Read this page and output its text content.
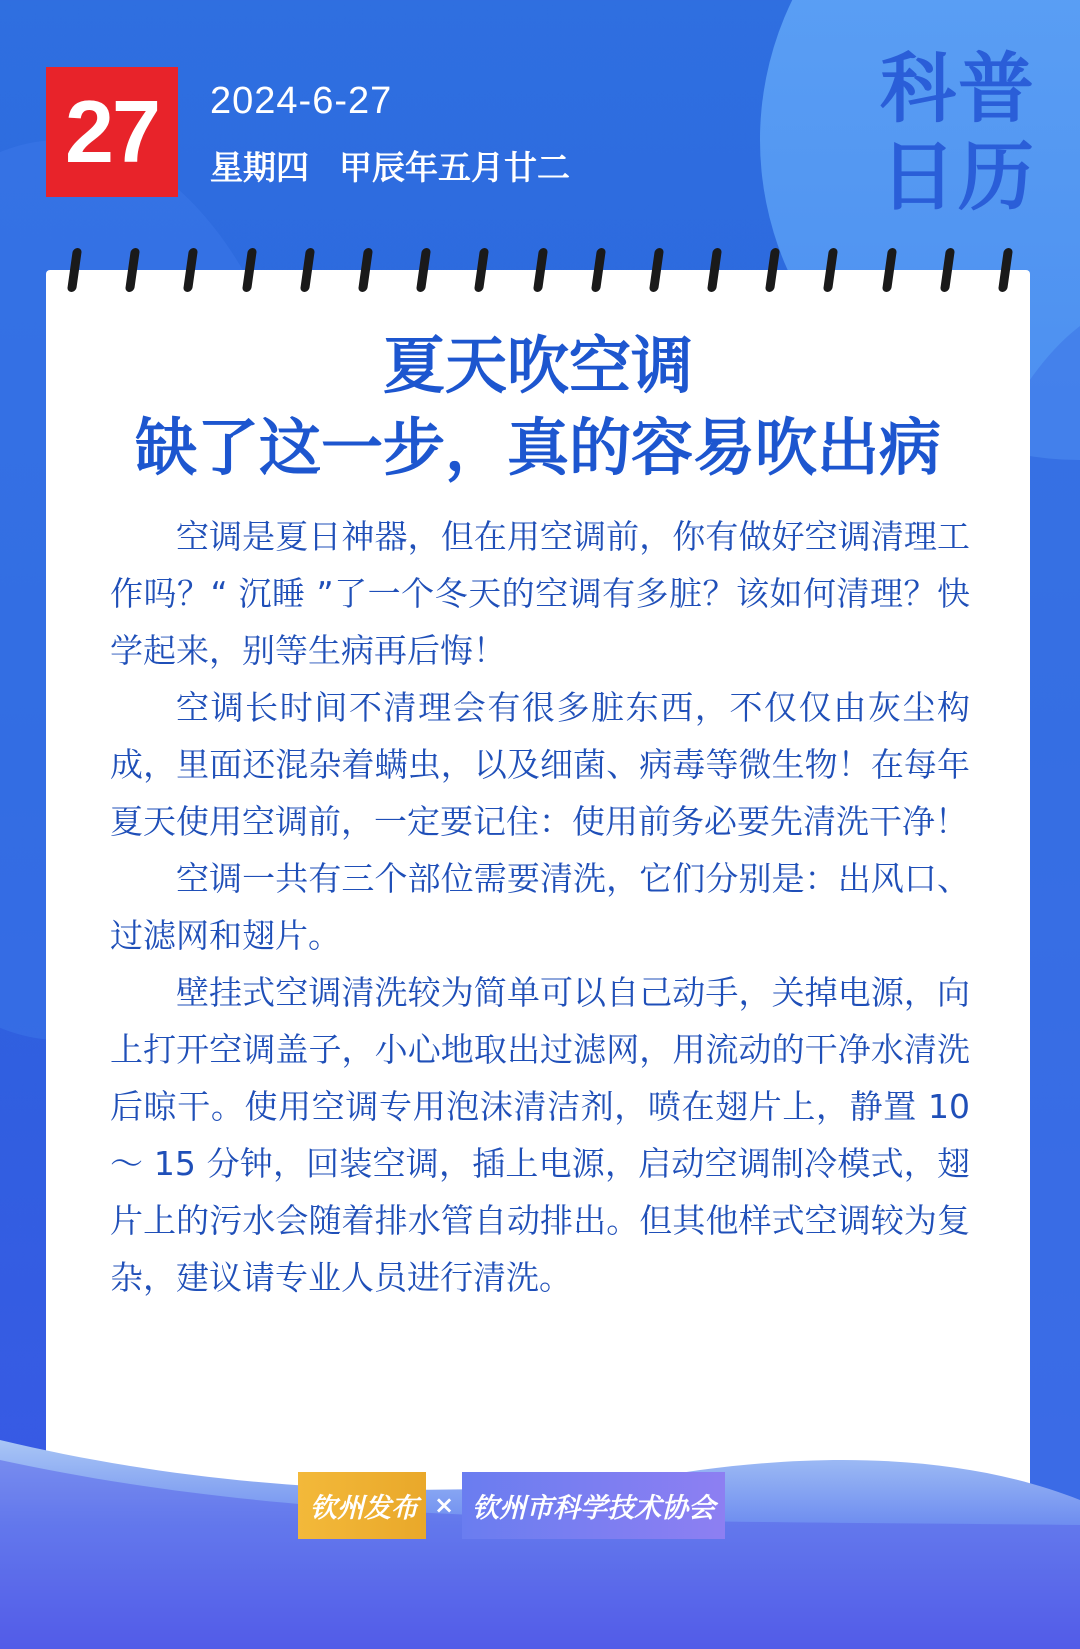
27	2024-6-27
星期四 甲辰年五月廿二
科普
日历
夏天吹空调
缺了这一步，真的容易吹出病

空调是夏日神器，但在用空调前，你有做好空调清理工作吗？“ 沉睡 ”了一个冬天的空调有多脏？该如何清理？快学起来，别等生病再后悔！

空调长时间不清理会有很多脏东西，不仅仅由灰尘构成，里面还混杂着螨虫，以及细菌、病毒等微生物！在每年夏天使用空调前，一定要记住：使用前务必要先清洗干净！

空调一共有三个部位需要清洗，它们分别是：出风口、过滤网和翅片。

壁挂式空调清洗较为简单可以自己动手，关掉电源，向上打开空调盖子，小心地取出过滤网，用流动的干净水清洗后晾干。使用空调专用泡沫清洁剂，喷在翅片上，静置 10 ～ 15 分钟，回装空调，插上电源，启动空调制冷模式，翅片上的污水会随着排水管自动排出。但其他样式空调较为复杂，建议请专业人员进行清洗。

钦州发布 × 钦州市科学技术协会
